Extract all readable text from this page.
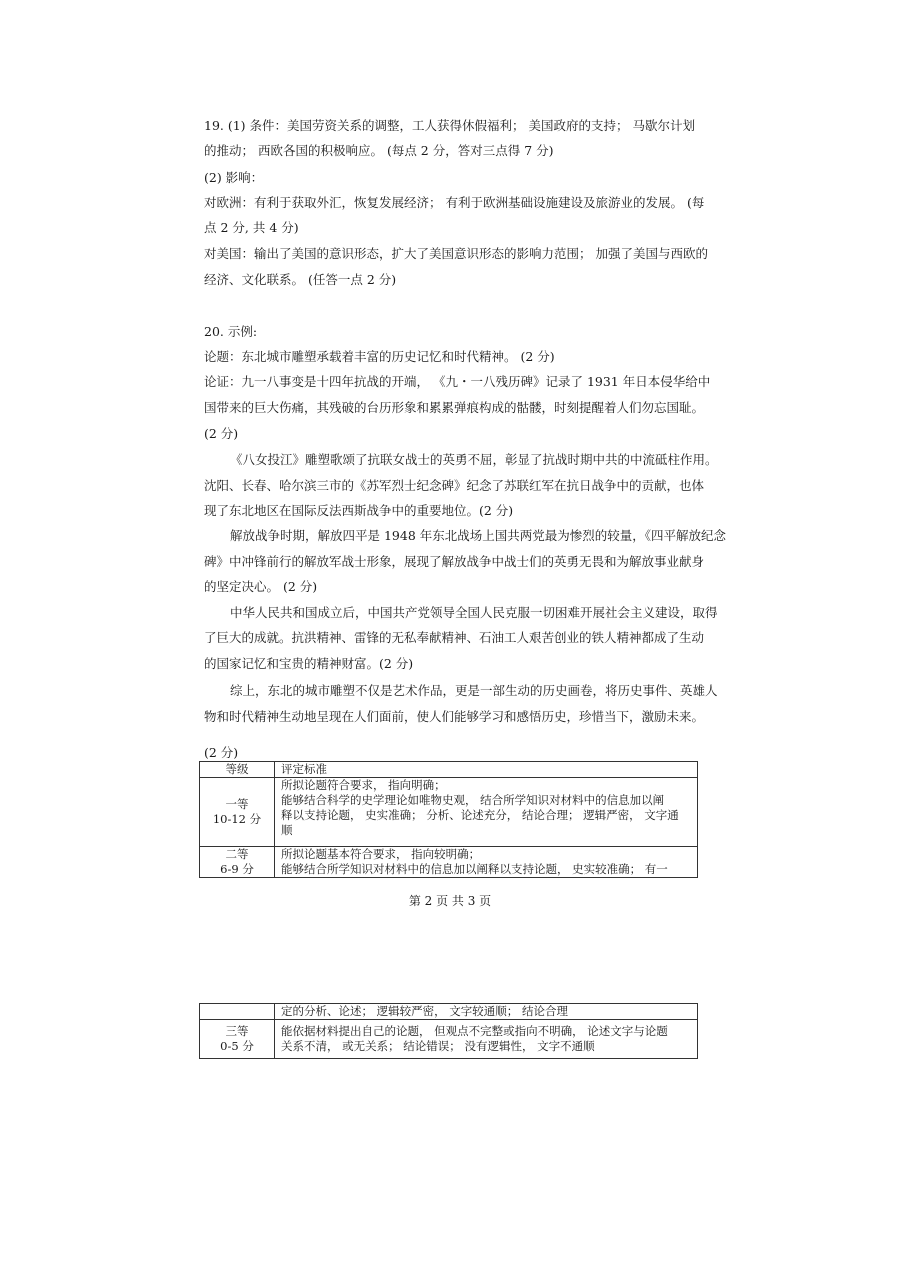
19. (1) 条件：美国劳资关系的调整，工人获得休假福利； 美国政府的支持； 马歇尔计划
的推动； 西欧各国的积极响应。 (每点 2 分，答对三点得 7 分)
(2) 影响：
对欧洲：有利于获取外汇，恢复发展经济； 有利于欧洲基础设施建设及旅游业的发展。 (每
点 2 分, 共 4 分)
对美国：输出了美国的意识形态，扩大了美国意识形态的影响力范围； 加强了美国与西欧的
经济、文化联系。 (任答一点 2 分)
20. 示例:
论题：东北城市雕塑承载着丰富的历史记忆和时代精神。 (2 分)
论证：九一八事变是十四年抗战的开端， 《九・一八残历碑》记录了 1931 年日本侵华给中
国带来的巨大伤痛，其残破的台历形象和累累弹痕构成的骷髅，时刻提醒着人们勿忘国耻。
(2 分)
《八女投江》雕塑歌颂了抗联女战士的英勇不屈，彰显了抗战时期中共的中流砥柱作用。
沈阳、长春、哈尔滨三市的《苏军烈士纪念碑》纪念了苏联红军在抗日战争中的贡献，也体
现了东北地区在国际反法西斯战争中的重要地位。(2 分)
解放战争时期，解放四平是 1948 年东北战场上国共两党最为惨烈的较量，《四平解放纪念
碑》中冲锋前行的解放军战士形象，展现了解放战争中战士们的英勇无畏和为解放事业献身
的坚定决心。 (2 分)
中华人民共和国成立后，中国共产党领导全国人民克服一切困难开展社会主义建设，取得
了巨大的成就。抗洪精神、雷锋的无私奉献精神、石油工人艰苦创业的铁人精神都成了生动
的国家记忆和宝贵的精神财富。(2 分)
综上，东北的城市雕塑不仅是艺术作品，更是一部生动的历史画卷，将历史事件、英雄人
物和时代精神生动地呈现在人们面前，使人们能够学习和感悟历史，珍惜当下，激励未来。
(2 分)
等级	评定标准

一等
10-12 分	所拟论题符合要求， 指向明确；
能够结合科学的史学理论如唯物史观， 结合所学知识对材料中的信息加以阐
释以支持论题， 史实准确； 分析、论述充分， 结论合理； 逻辑严密， 文字通
顺

二等
6-9 分	所拟论题基本符合要求， 指向较明确；
能够结合所学知识对材料中的信息加以阐释以支持论题， 史实较准确； 有一
第 2 页 共 3 页

	定的分析、论述； 逻辑较严密， 文字较通顺； 结论合理

三等
0-5 分	能依据材料提出自己的论题， 但观点不完整或指向不明确， 论述文字与论题
关系不清， 或无关系； 结论错误； 没有逻辑性， 文字不通顺
